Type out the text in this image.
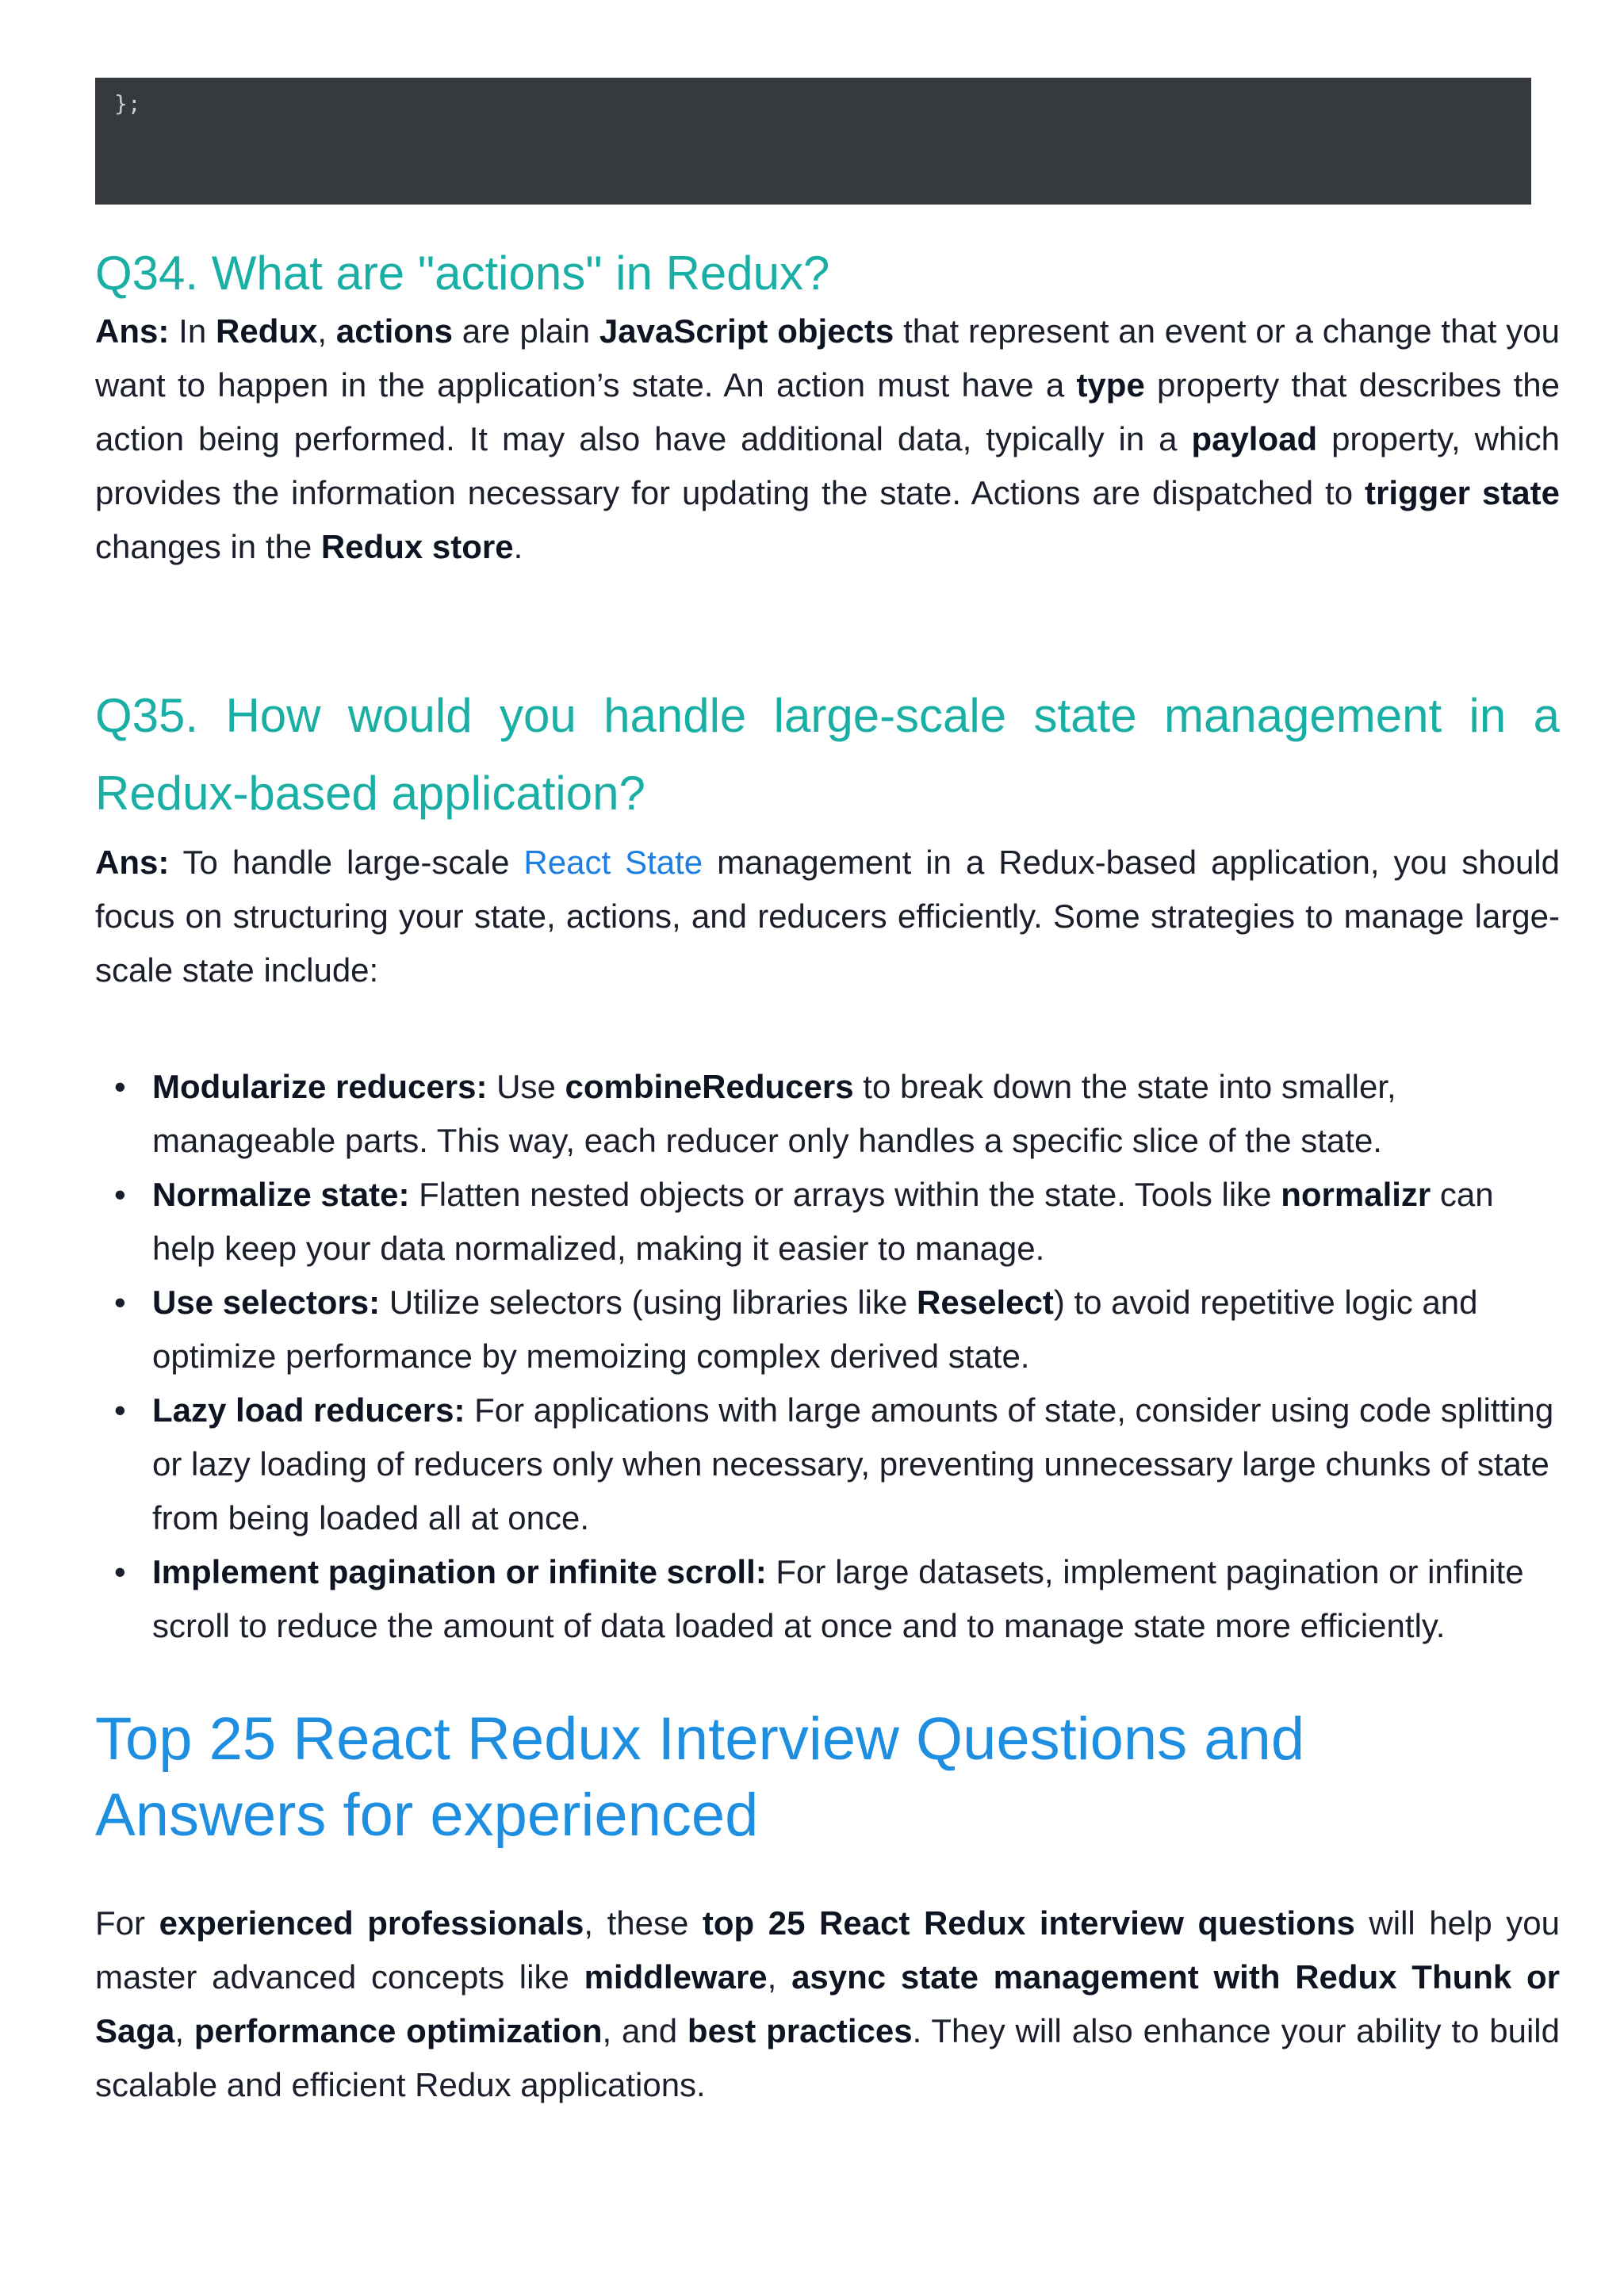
};
Q34. What are "actions" in Redux?

Ans: In Redux, actions are plain JavaScript objects that represent an event or a change that you want to happen in the application’s state. An action must have a type property that describes the action being performed. It may also have additional data, typically in a payload property, which provides the information necessary for updating the state. Actions are dispatched to trigger state changes in the Redux store.

Q35. How would you handle large-scale state management in a Redux-based application?

Ans: To handle large-scale React State management in a Redux-based application, you should focus on structuring your state, actions, and reducers efficiently. Some strategies to manage large-scale state include:

• Modularize reducers: Use combineReducers to break down the state into smaller, manageable parts. This way, each reducer only handles a specific slice of the state.
• Normalize state: Flatten nested objects or arrays within the state. Tools like normalizr can help keep your data normalized, making it easier to manage.
• Use selectors: Utilize selectors (using libraries like Reselect) to avoid repetitive logic and optimize performance by memoizing complex derived state.
• Lazy load reducers: For applications with large amounts of state, consider using code splitting or lazy loading of reducers only when necessary, preventing unnecessary large chunks of state from being loaded all at once.
• Implement pagination or infinite scroll: For large datasets, implement pagination or infinite scroll to reduce the amount of data loaded at once and to manage state more efficiently.
Top 25 React Redux Interview Questions and
Answers for experienced

For experienced professionals, these top 25 React Redux interview questions will help you master advanced concepts like middleware, async state management with Redux Thunk or Saga, performance optimization, and best practices. They will also enhance your ability to build scalable and efficient Redux applications.
